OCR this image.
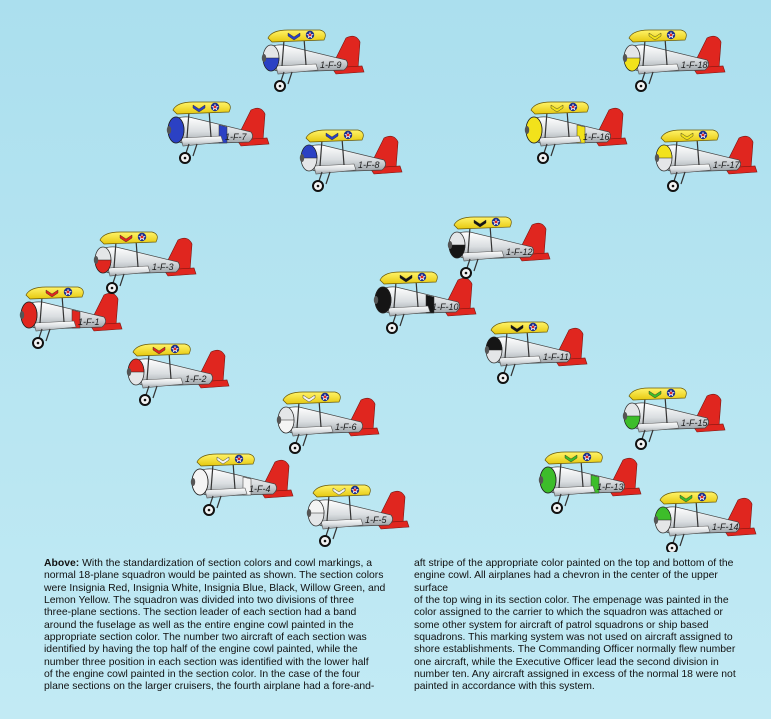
1-F-1
1-F-2
1-F-3
1-F-4
1-F-5
1-F-6
1-F-7
1-F-8
1-F-9
1-F-10
1-F-11
1-F-12
1-F-13
1-F-14
1-F-15
1-F-16
1-F-17
1-F-18
Above: With the standardization of section colors and cowl markings, a
normal 18-plane squadron would be painted as shown. The section colors
were Insignia Red, Insignia White, Insignia Blue, Black, Willow Green, and
Lemon Yellow. The squadron was divided into two divisions of three
three-plane sections. The section leader of each section had a band
around the fuselage as well as the entire engine cowl painted in the
appropriate section color. The number two aircraft of each section was
identified by having the top half of the engine cowl painted, while the
number three position in each section was identified with the lower half
of the engine cowl painted in the section color. In the case of the four
plane sections on the larger cruisers, the fourth airplane had a fore-and-
aft stripe of the appropriate color painted on the top and bottom of the
engine cowl. All airplanes had a chevron in the center of the upper surface
of the top wing in its section color. The empenage was painted in the
color assigned to the carrier to which the squadron was attached or
some other system for aircraft of patrol squadrons or ship based
squadrons. This marking system was not used on aircraft assigned to
shore establishments. The Commanding Officer normally flew number
one aircraft, while the Executive Officer lead the second division in
number ten. Any aircraft assigned in excess of the normal 18 were not
painted in accordance with this system.
